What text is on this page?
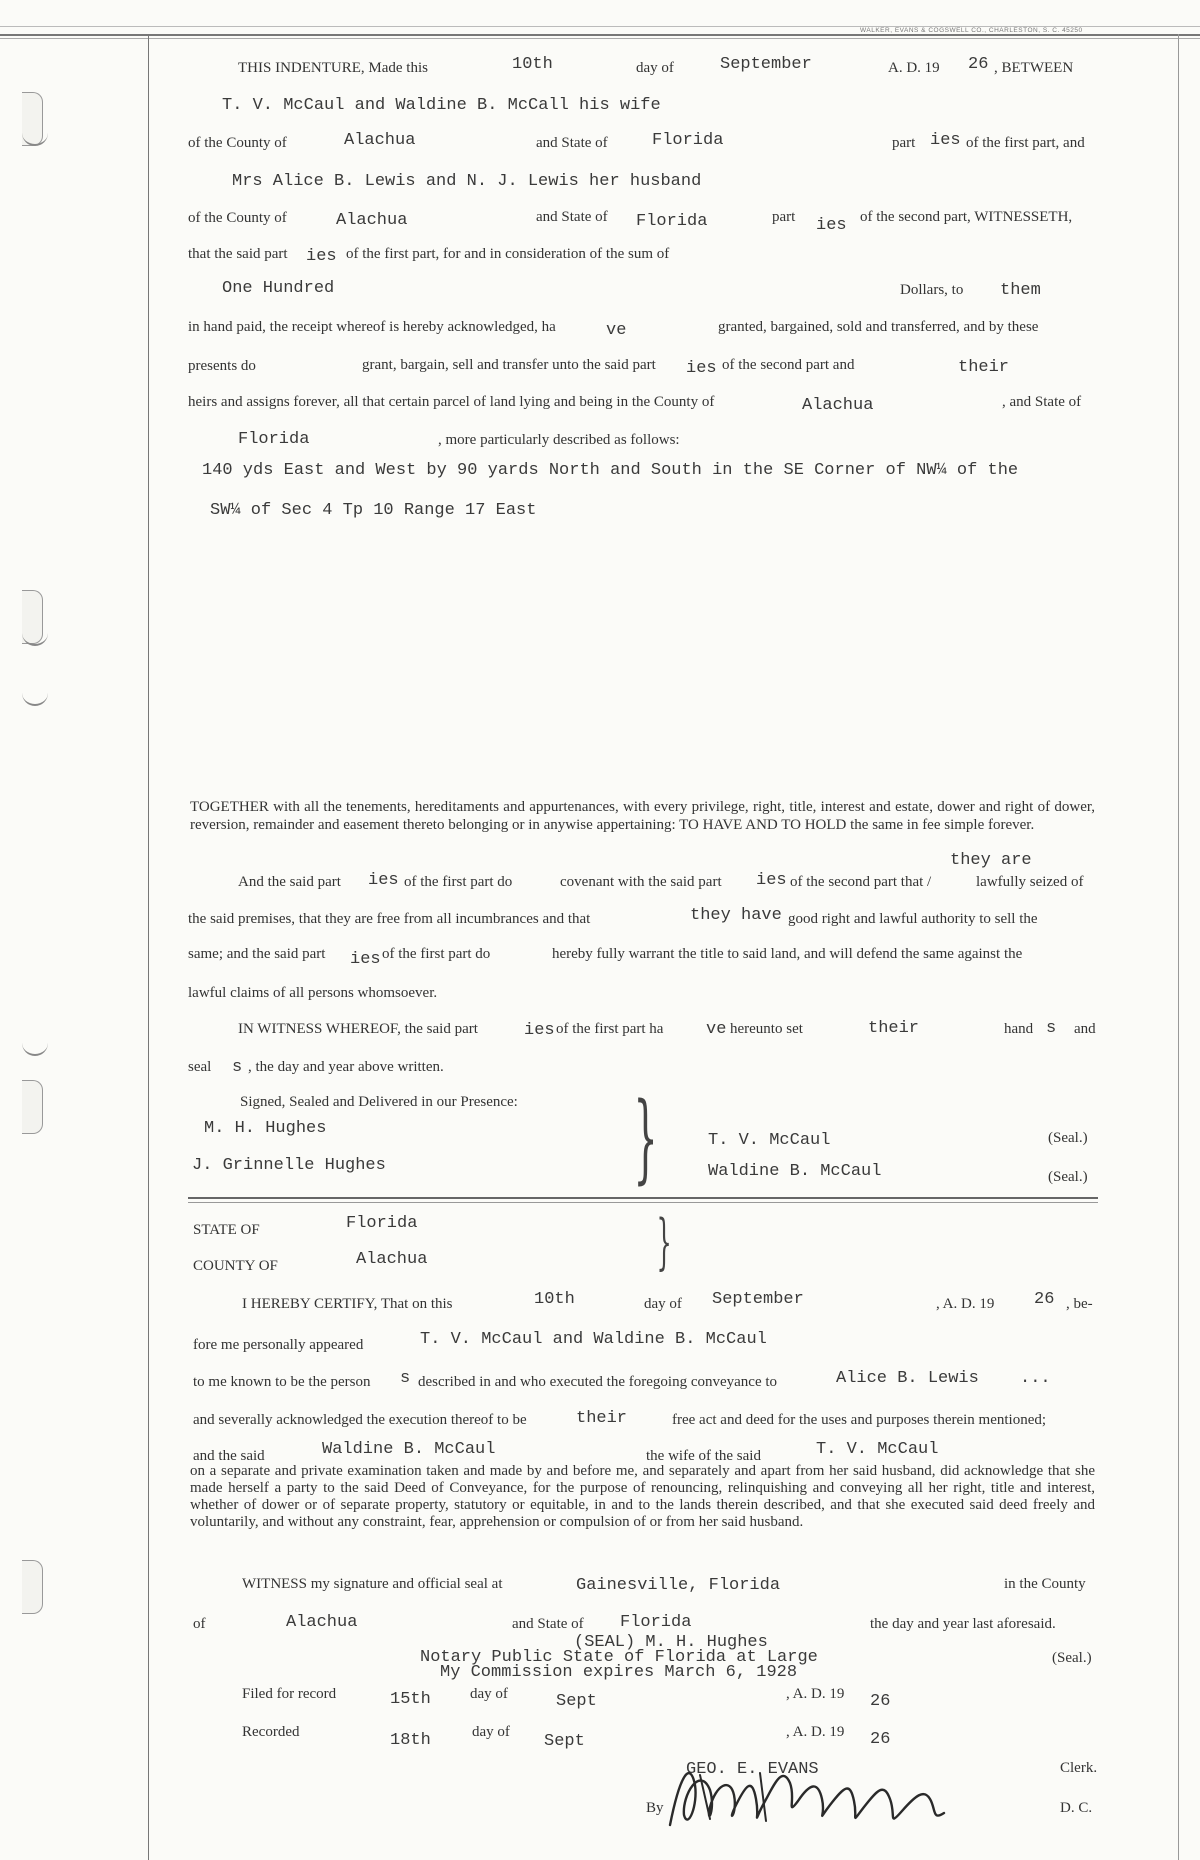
WALKER, EVANS & COGSWELL CO., CHARLESTON, S. C. 45250
THIS INDENTURE, Made this	10th	day of	September	A. D. 19 26 , BETWEEN
T. V. McCaul and Waldine B. McCall his wife
of the County of	Alachua	and State of	Florida	part ies of the first part, and
Mrs Alice B. Lewis and N. J. Lewis her husband
of the County of	Alachua	and State of Florida	part ies of the second part, WITNESSETH,
that the said part ies of the first part, for and in consideration of the sum of
One Hundred	Dollars, to them
in hand paid, the receipt whereof is hereby acknowledged, ha	ve	granted, bargained, sold and transferred, and by these
presents do	grant, bargain, sell and transfer unto the said part ies of the second part and	their
heirs and assigns forever, all that certain parcel of land lying and being in the County of	Alachua	, and State of
Florida	, more particularly described as follows:
140 yds East and West by 90 yards North and South in the SE Corner of NW¼ of the
SW¼ of Sec 4 Tp 10 Range 17 East
TOGETHER with all the tenements, hereditaments and appurtenances, with every privilege, right, title, interest and estate, dower and right of dower, reversion, remainder and easement thereto belonging or in anywise appertaining: TO HAVE AND TO HOLD the same in fee simple forever.
they are
And the said part ies of the first part do	covenant with the said part ies of the second part that /	lawfully seized of
the said premises, that they are free from all incumbrances and that	they have good right and lawful authority to sell the
same; and the said part ies of the first part do	hereby fully warrant the title to said land, and will defend the same against the
lawful claims of all persons whomsoever.
IN WITNESS WHEREOF, the said part	ies of the first part ha	ve hereunto set	their	hand s and
seal s , the day and year above written.
Signed, Sealed and Delivered in our Presence:
M. H. Hughes
J. Grinnelle Hughes	}	T. V. McCaul
Waldine B. McCaul
(Seal.)
(Seal.)
STATE OF	Florida
COUNTY OF	Alachua	}
I HEREBY CERTIFY, That on this	10th	day of September	, A. D. 19 26 , be-
fore me personally appeared	T. V. McCaul and Waldine B. McCaul
to me known to be the person s described in and who executed the foregoing conveyance to	Alice B. Lewis ...
and severally acknowledged the execution thereof to be	their	free act and deed for the uses and purposes therein mentioned;
and the said	Waldine B. McCaul	the wife of the said	T. V. McCaul
on a separate and private examination taken and made by and before me, and separately and apart from her said husband, did acknowledge that she made herself a party to the said Deed of Conveyance, for the purpose of renouncing, relinquishing and conveying all her right, title and interest, whether of dower or of separate property, statutory or equitable, in and to the lands therein described, and that she executed said deed freely and voluntarily, and without any constraint, fear, apprehension or compulsion of or from her said husband.
WITNESS my signature and official seal at	Gainesville, Florida	in the County
of	Alachua	and State of Florida	the day and year last aforesaid.
(SEAL) M. H. Hughes
Notary Public State of Florida at Large
My Commission expires March 6, 1928
(Seal.)
Filed for record	15th	day of	Sept	, A. D. 19 26
Recorded	18th	day of Sept	, A. D. 19 26
GEO. E. EVANS	Clerk.
By	D. C.
